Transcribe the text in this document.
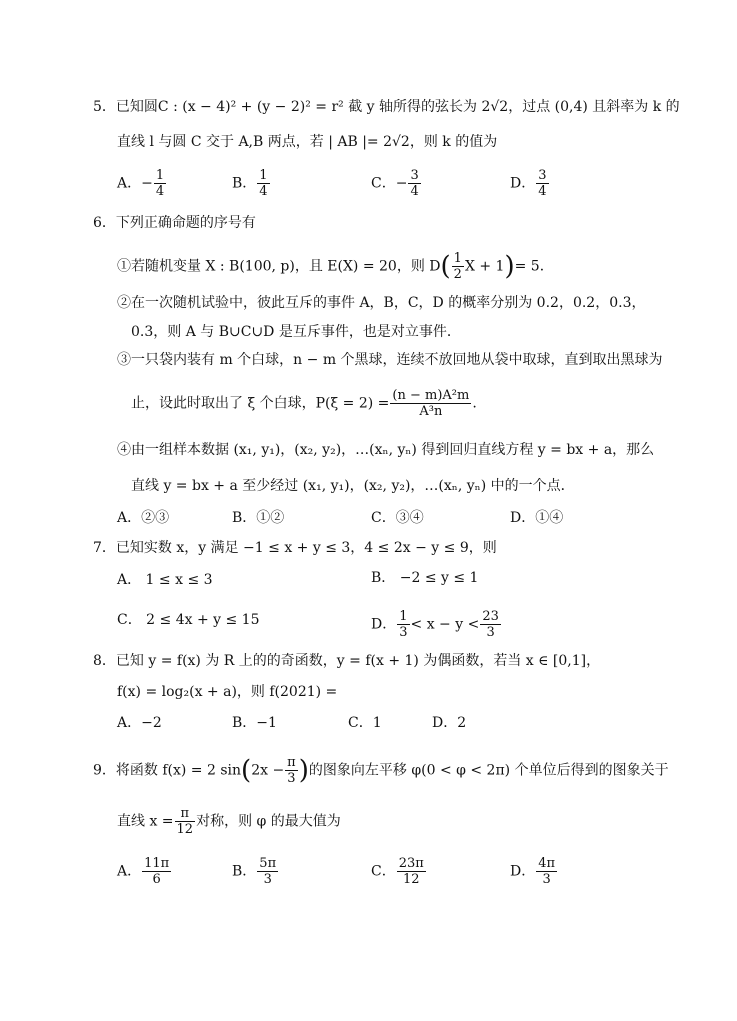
5．已知圆C : (x − 4)² + (y − 2)² = r² 截 y 轴所得的弦长为 2√2，过点 (0,4) 且斜率为 k 的
直线 l 与圆 C 交于 A,B 两点，若 | AB |= 2√2，则 k 的值为
A．− $\frac{1}{4}$	B． $\frac{1}{4}$	C．− $\frac{3}{4}$	D． $\frac{3}{4}$
6．下列正确命题的序号有
①若随机变量 X : B(100, p)，且 E(X) = 20，则 $D( \frac{1}{2}$ X + 1)= 5．
②在一次随机试验中，彼此互斥的事件 A，B，C，D 的概率分别为 0.2，0.2，0.3，
0.3，则 A 与 B∪C∪D 是互斥事件，也是对立事件．
③一只袋内装有 m 个白球，n − m 个黑球，连续不放回地从袋中取球，直到取出黑球为
止，设此时取出了 ξ 个白球，$P(\xi = 2) = \frac{\text{(n − m)A²m}}{\text{A³n}}$ .
④由一组样本数据 (x₁, y₁)，(x₂, y₂)，…(xₙ, yₙ) 得到回归直线方程 y = bx + a，那么
直线 y = bx + a 至少经过 (x₁, y₁)，(x₂, y₂)，…(xₙ, yₙ) 中的一个点．
A．②③	B．①②	C．③④	D．①④
7．已知实数 x，y 满足 −1 ≤ x + y ≤ 3，4 ≤ 2x − y ≤ 9，则
A． 1 ≤ x ≤ 3	B． −2 ≤ y ≤ 1
C． 2 ≤ 4x + y ≤ 15	D． $\frac{1}{3} < x - y < \frac{23}{3}$
8．已知 y = f(x) 为 R 上的的奇函数，y = f(x + 1) 为偶函数，若当 x ∈ [0,1]，
f(x) = log₂(x + a)，则 f(2021) =
A．−2	B．−1	C．1	D．2
9．将函数 f(x) = 2 $\sin(2x - \frac{\pi}{3}$ )的图象向左平移 φ(0 < φ < 2π) 个单位后得到的图象关于
直线 $x = \frac{\pi}{12}$ 对称，则 φ 的最大值为
A． $\frac{11\pi}{6}$	B． $\frac{5\pi}{3}$	C． $\frac{23\pi}{12}$	D． $\frac{4\pi}{3}$
